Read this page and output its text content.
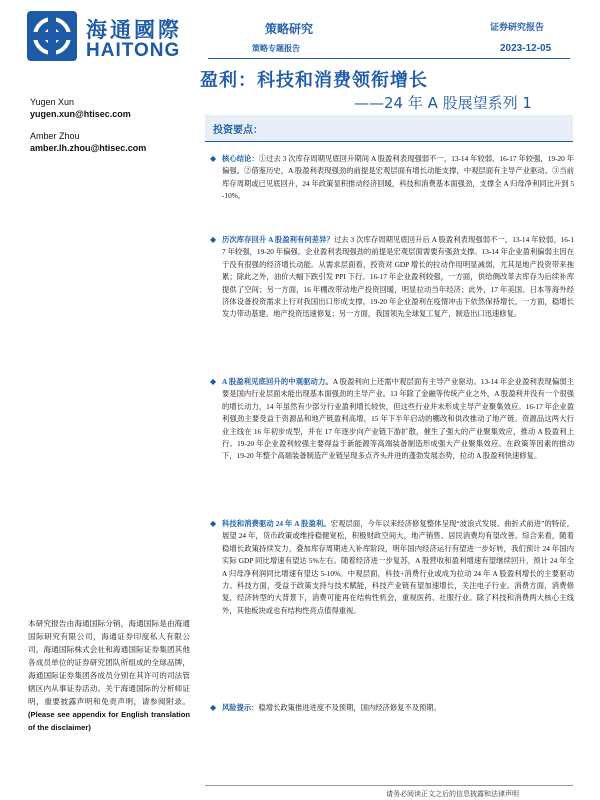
海通國際
HAITONG
策略研究
策略专题报告
证券研究报告
2023-12-05
盈利：科技和消费领衔增长
——24 年 A 股展望系列 1
Yugen Xun
yugen.xun@htisec.com
Amber Zhou
amber.lh.zhou@htisec.com
投资要点：
◆ 核心结论：①过去 3 次库存周期见底回升期间 A 股盈利表现强弱不一，13-14 年较弱、16-17 年较强，19-20 年偏强。②借鉴历史，A 股盈利表现强劲的前提是宏观层面有增长动能支撑，中观层面有主导产业驱动。③当前库存周期或已见底回升，24 年政策显积推动经济回暖，科技和消费基本面强劲，支撑全 A 归母净利同比升到 5-10%。
◆ 历次库存回升 A 股盈利有何差异？过去 3 次库存周期见底回升后 A 股盈利表现强弱不一，13-14 年较弱、16-17 年较强，19-20 年偏强。企业盈利表现强劲的前提是宏观层面需要有强劲支撑。13-14 年企业盈利偏弱主因在于没有很强的经济增长动能。从需求层面看，投资对 GDP 增长的拉动作用明显减弱，尤其是地产投资带来拖累；除此之外，油价大幅下跌引发 PPI 下行。16-17 年企业盈利较强，一方面，供给侧改革去库存为后续补库提供了空间；另一方面，16 年棚改带动地产投资回暖，明显拉动当年经济；此外，17 年美国、日本等海外经济体设备投资需求上行对我国出口形成支撑。19-20 年企业盈利在疫情冲击下依然保持增长，一方面，稳增长发力带动基建、地产投资迅速修复；另一方面，我国领先全球复工复产，制造出口迅速修复。
◆ A 股盈利见底回升的中观驱动力。A 股盈利向上还需中观层面有主导产业驱动。13-14 年企业盈利表现偏弱主要是国内行业层面未能出现基本面强劲的主导产业。13 年除了金融等传统产业之外，A 股盈利并没有一个很强的增长动力，14 年虽然有少部分行业盈利增长较快，但这些行业并未形成主导产业聚集效应。16-17 年企业盈利强劲主要受益于资源品和地产链盈利高增，15 年下半年启动的棚改和供改推动了地产链、资源品这两大行业主线在 16 年初步成型，并在 17 年逐步向产业链下游扩散，催生了强大的产业聚集效应，推动 A 股盈利上行。19-20 年企业盈利较强主要得益于新能源等高端装备制造形成强大产业聚集效应。在政策等因素的推动下，19-20 年整个高端装备制造产业链呈现多点齐头并进的蓬勃发展态势，拉动 A 股盈利快速修复。
◆ 科技和消费驱动 24 年 A 股盈利。宏观层面，今年以来经济修复整体呈现“波浪式发展、曲折式前进”的特征，展望 24 年，货币政策或维持稳健宽松，积极财政空间大，地产销售、居民消费均有望改善。综合来看，随着稳增长政策持续发力，叠加库存周期进入补库阶段，明年国内经济运行有望进一步好转，我们预计 24 年国内实际 GDP 同比增速有望达 5%左右。随着经济进一步复苏，A 股营收和盈利增速有望继续回升，预计 24 年全 A 归母净利润同比增速有望达 5-10%。中观层面，科技+消费行业或成为拉动 24 年 A 股盈利增长的主要驱动力。科技方面，受益于政策支持与技术赋能，科技产业链有望加速增长，关注电子行业。消费方面，消费修复，经济转型的大背景下，消费可能再在结构性机会，重视医药、社服行业。除了科技和消费两大核心主线外，其他板块或也有结构性亮点值得重视。
◆ 风险提示：稳增长政策推进进度不及预期，国内经济修复不及预期。
本研究报告由海通国际分销，海通国际是由海通国际研究有限公司，海通证券印度私人有限公司，海通国际株式会社和海通国际证券集团其他各成员单位的证券研究团队所组成的全球品牌，海通国际证券集团各成员分别在其许可的司法管辖区内从事证券活动。关于海通国际的分析师证明，重要披露声明和免责声明，请参阅附录。(Please see appendix for English translation of the disclaimer)
请务必阅读正文之后的信息披露和法律声明
